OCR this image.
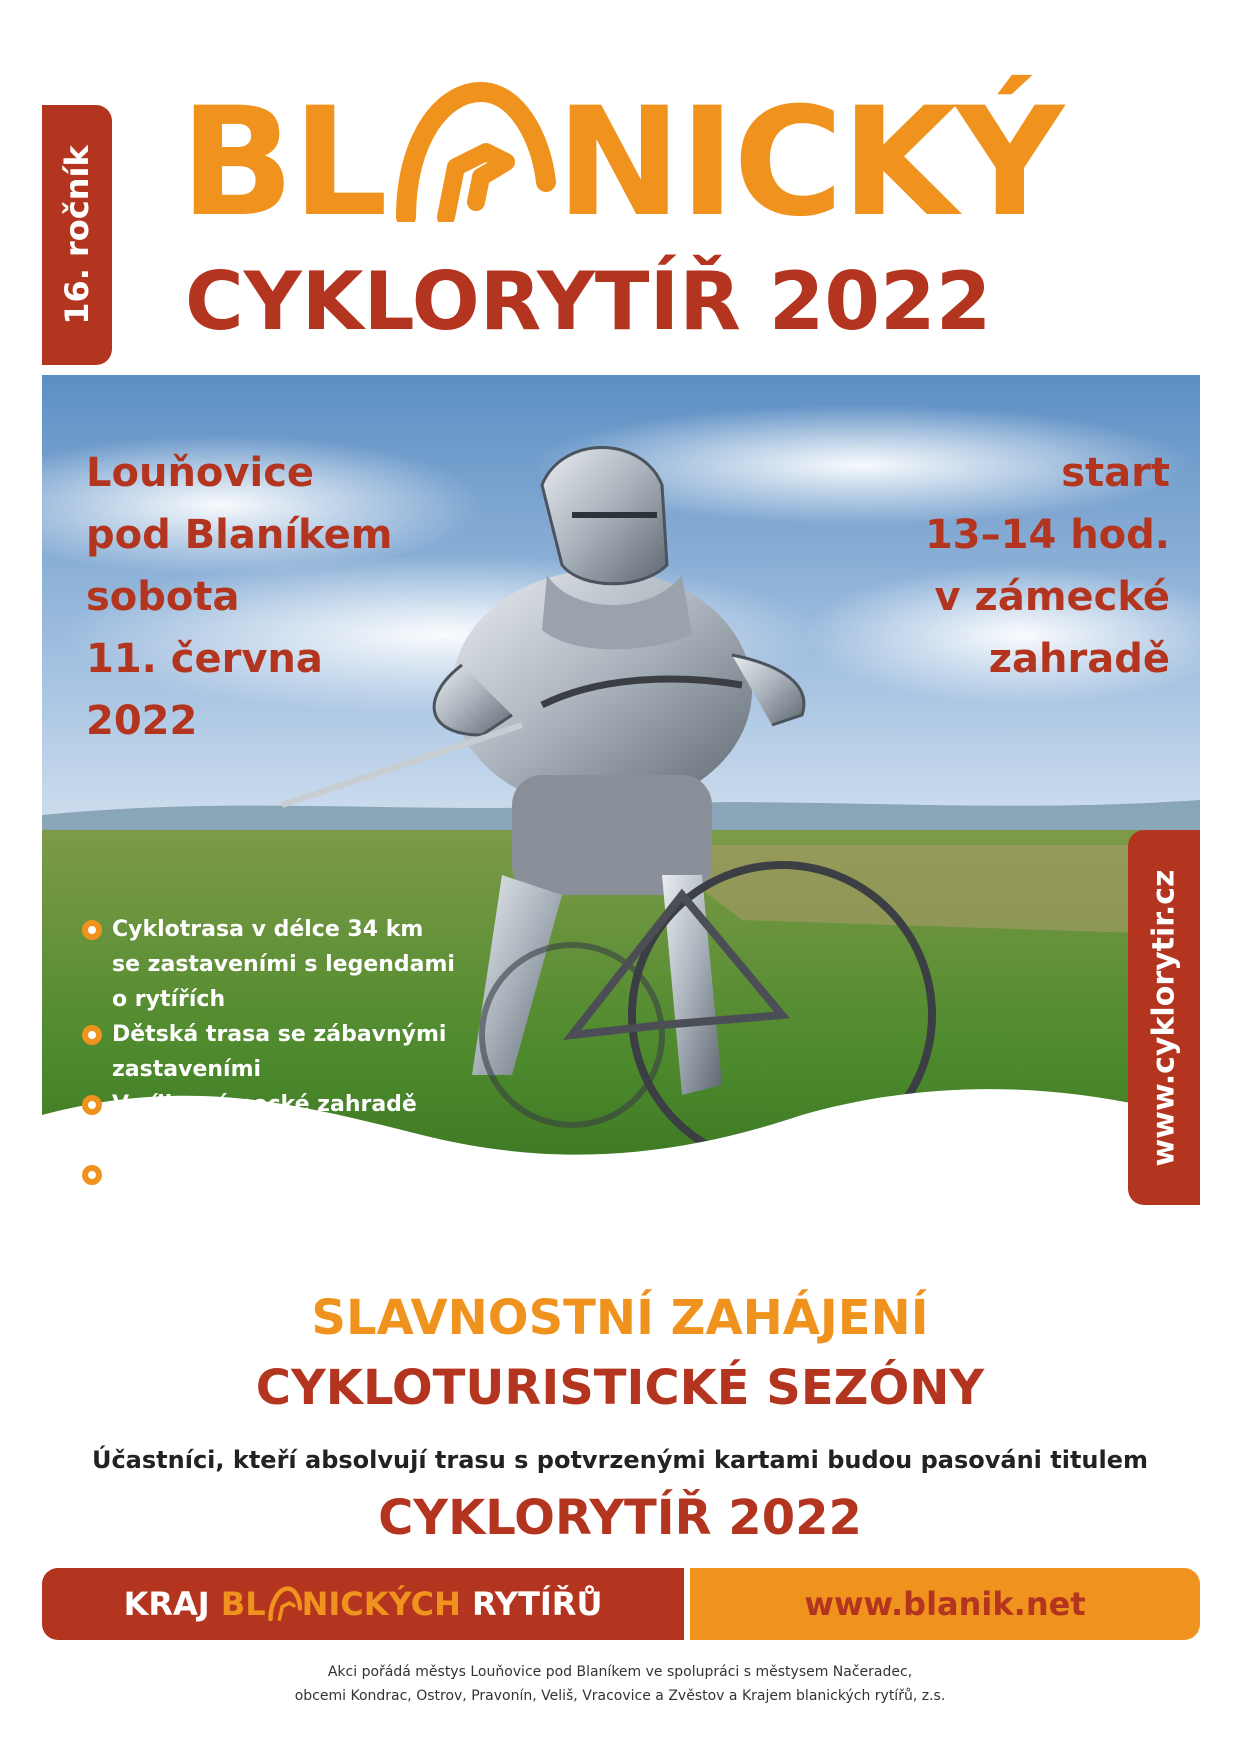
16. ročník BL NICKÝ
CYKLORYTÍŘ 2022
Louňovice
pod Blaníkem
sobota
11. června
2022
start
13–14 hod.
v zámecké
zahradě
Cyklotrasa v délce 34 km
se zastaveními s legendami
o rytířích
Dětská trasa se zábavnými
zastaveními
V cíli v zámecké zahradě
zajištěno občerstvení
Účastnický poplatek 20 Kč
www.cyklorytir.cz
SLAVNOSTNÍ ZAHÁJENÍ
CYKLOTURISTICKÉ SEZÓNY
Účastníci, kteří absolvují trasu s potvrzenými kartami budou pasováni titulem
CYKLORYTÍŘ 2022
KRAJ BL NICKÝCH RYTÍŘŮ	www.blanik.net
Akci pořádá městys Louňovice pod Blaníkem ve spolupráci s městysem Načeradec,
obcemi Kondrac, Ostrov, Pravonín, Veliš, Vracovice a Zvěstov a Krajem blanických rytířů, z.s.
